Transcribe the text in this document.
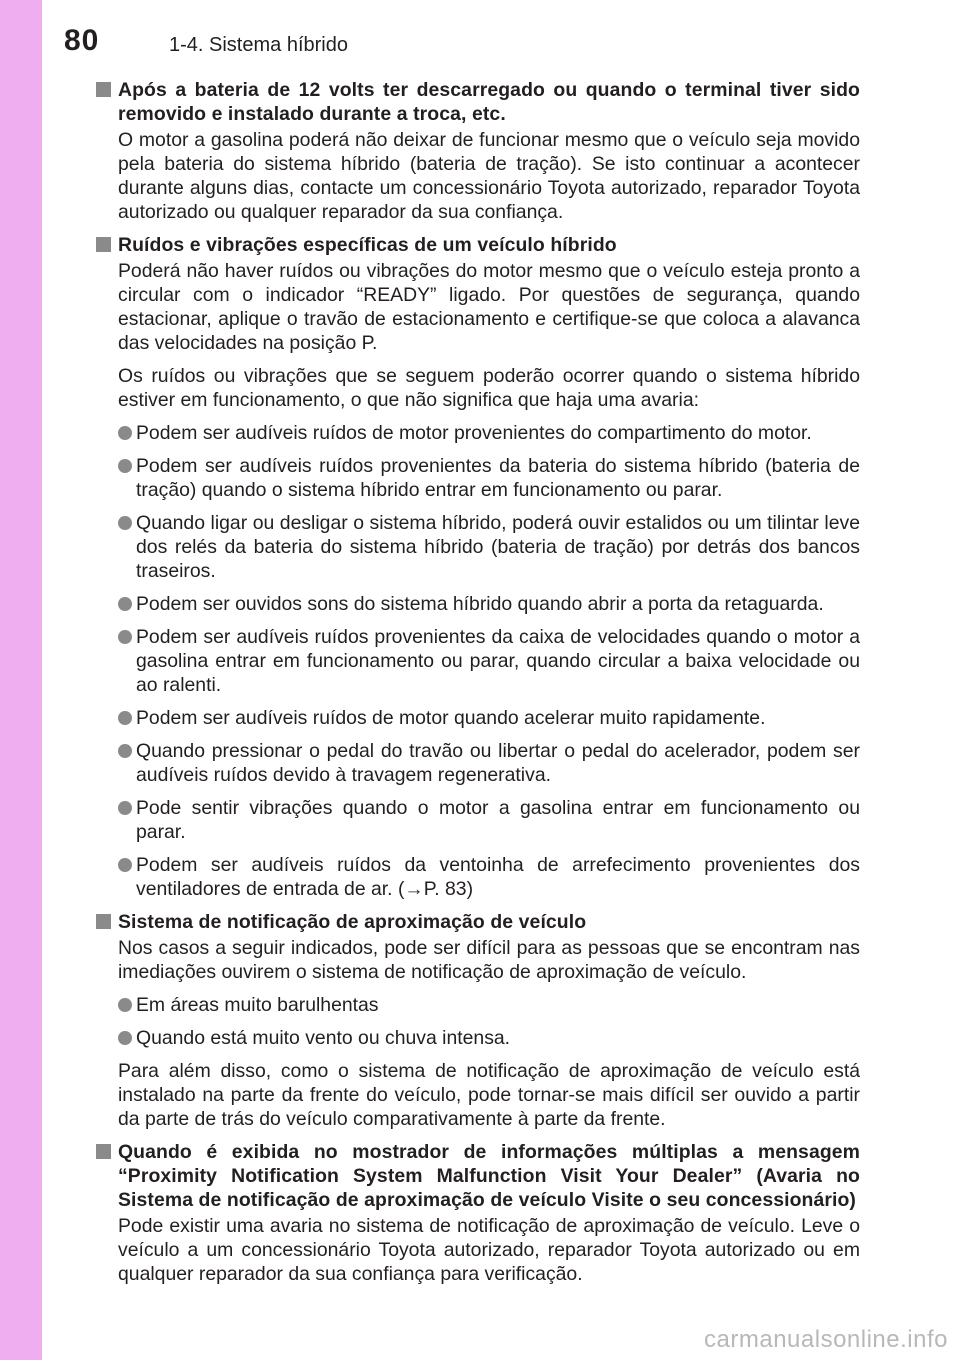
80	1-4. Sistema híbrido
Após a bateria de 12 volts ter descarregado ou quando o terminal tiver sido removido e instalado durante a troca, etc.
O motor a gasolina poderá não deixar de funcionar mesmo que o veículo seja movido pela bateria do sistema híbrido (bateria de tração). Se isto continuar a acontecer durante alguns dias, contacte um concessionário Toyota autorizado, reparador Toyota autorizado ou qualquer reparador da sua confiança.
Ruídos e vibrações específicas de um veículo híbrido
Poderá não haver ruídos ou vibrações do motor mesmo que o veículo esteja pronto a circular com o indicador “READY” ligado. Por questões de segurança, quando estacionar, aplique o travão de estacionamento e certifique-se que coloca a alavanca das velocidades na posição P.
Os ruídos ou vibrações que se seguem poderão ocorrer quando o sistema híbrido estiver em funcionamento, o que não significa que haja uma avaria:
Podem ser audíveis ruídos de motor provenientes do compartimento do motor.
Podem ser audíveis ruídos provenientes da bateria do sistema híbrido (bateria de tração) quando o sistema híbrido entrar em funcionamento ou parar.
Quando ligar ou desligar o sistema híbrido, poderá ouvir estalidos ou um tilintar leve dos relés da bateria do sistema híbrido (bateria de tração) por detrás dos bancos traseiros.
Podem ser ouvidos sons do sistema híbrido quando abrir a porta da retaguarda.
Podem ser audíveis ruídos provenientes da caixa de velocidades quando o motor a gasolina entrar em funcionamento ou parar, quando circular a baixa velocidade ou ao ralenti.
Podem ser audíveis ruídos de motor quando acelerar muito rapidamente.
Quando pressionar o pedal do travão ou libertar o pedal do acelerador, podem ser audíveis ruídos devido à travagem regenerativa.
Pode sentir vibrações quando o motor a gasolina entrar em funcionamento ou parar.
Podem ser audíveis ruídos da ventoinha de arrefecimento provenientes dos ventiladores de entrada de ar. (→P. 83)
Sistema de notificação de aproximação de veículo
Nos casos a seguir indicados, pode ser difícil para as pessoas que se encontram nas imediações ouvirem o sistema de notificação de aproximação de veículo.
Em áreas muito barulhentas
Quando está muito vento ou chuva intensa.
Para além disso, como o sistema de notificação de aproximação de veículo está instalado na parte da frente do veículo, pode tornar-se mais difícil ser ouvido a partir da parte de trás do veículo comparativamente à parte da frente.
Quando é exibida no mostrador de informações múltiplas a mensagem “Proximity Notification System Malfunction Visit Your Dealer” (Avaria no Sistema de notificação de aproximação de veículo Visite o seu concessionário)
Pode existir uma avaria no sistema de notificação de aproximação de veículo. Leve o veículo a um concessionário Toyota autorizado, reparador Toyota autorizado ou em qualquer reparador da sua confiança para verificação.
carmanualsonline.info
